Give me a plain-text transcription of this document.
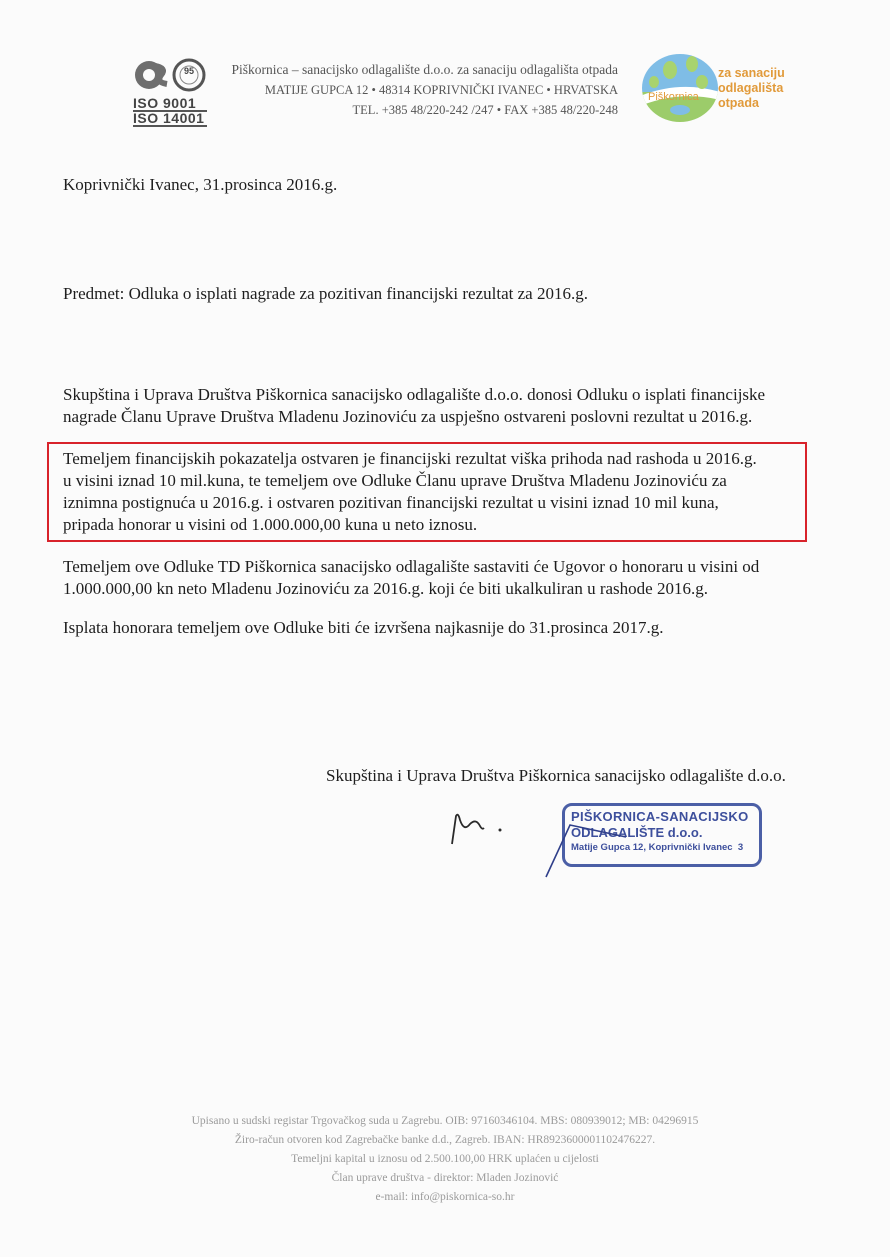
95
ISO 9001
ISO 14001
Piškornica – sanacijsko odlagalište d.o.o. za sanaciju odlagališta otpada
MATIJE GUPCA 12 • 48314 KOPRIVNIČKI IVANEC • HRVATSKA
TEL. +385 48/220-242 /247 • FAX +385 48/220-248
Piškornica
za sanaciju
odlagališta
otpada
Koprivnički Ivanec, 31.prosinca 2016.g.
Predmet: Odluka o isplati nagrade za pozitivan financijski rezultat za 2016.g.
Skupština i Uprava Društva Piškornica sanacijsko odlagalište d.o.o. donosi Odluku o isplati financijske
nagrade Članu Uprave Društva Mladenu Jozinoviću za uspješno ostvareni poslovni rezultat u 2016.g.
Temeljem financijskih pokazatelja ostvaren je financijski rezultat viška prihoda nad rashoda u 2016.g.
u visini iznad 10 mil.kuna, te temeljem ove Odluke Članu uprave Društva Mladenu Jozinoviću za
iznimna postignuća u 2016.g. i ostvaren pozitivan financijski rezultat u visini iznad 10 mil kuna,
pripada honorar u visini od 1.000.000,00 kuna u neto iznosu.
Temeljem ove Odluke TD Piškornica sanacijsko odlagalište sastaviti će Ugovor o honoraru u visini od
1.000.000,00 kn neto Mladenu Jozinoviću za 2016.g. koji će biti ukalkuliran u rashode 2016.g.
Isplata honorara temeljem ove Odluke biti će izvršena najkasnije do 31.prosinca 2017.g.
Skupština i Uprava Društva Piškornica sanacijsko odlagalište d.o.o.
PIŠKORNICA-SANACIJSKO
ODLAGALIŠTE d.o.o.
Matije Gupca 12, Koprivnički Ivanec 3
Upisano u sudski registar Trgovačkog suda u Zagrebu. OIB: 97160346104. MBS: 080939012; MB: 04296915
Žiro-račun otvoren kod Zagrebačke banke d.d., Zagreb. IBAN: HR8923600001102476227.
Temeljni kapital u iznosu od 2.500.100,00 HRK uplaćen u cijelosti
Član uprave društva - direktor: Mladen Jozinović
e-mail: info@piskornica-so.hr
